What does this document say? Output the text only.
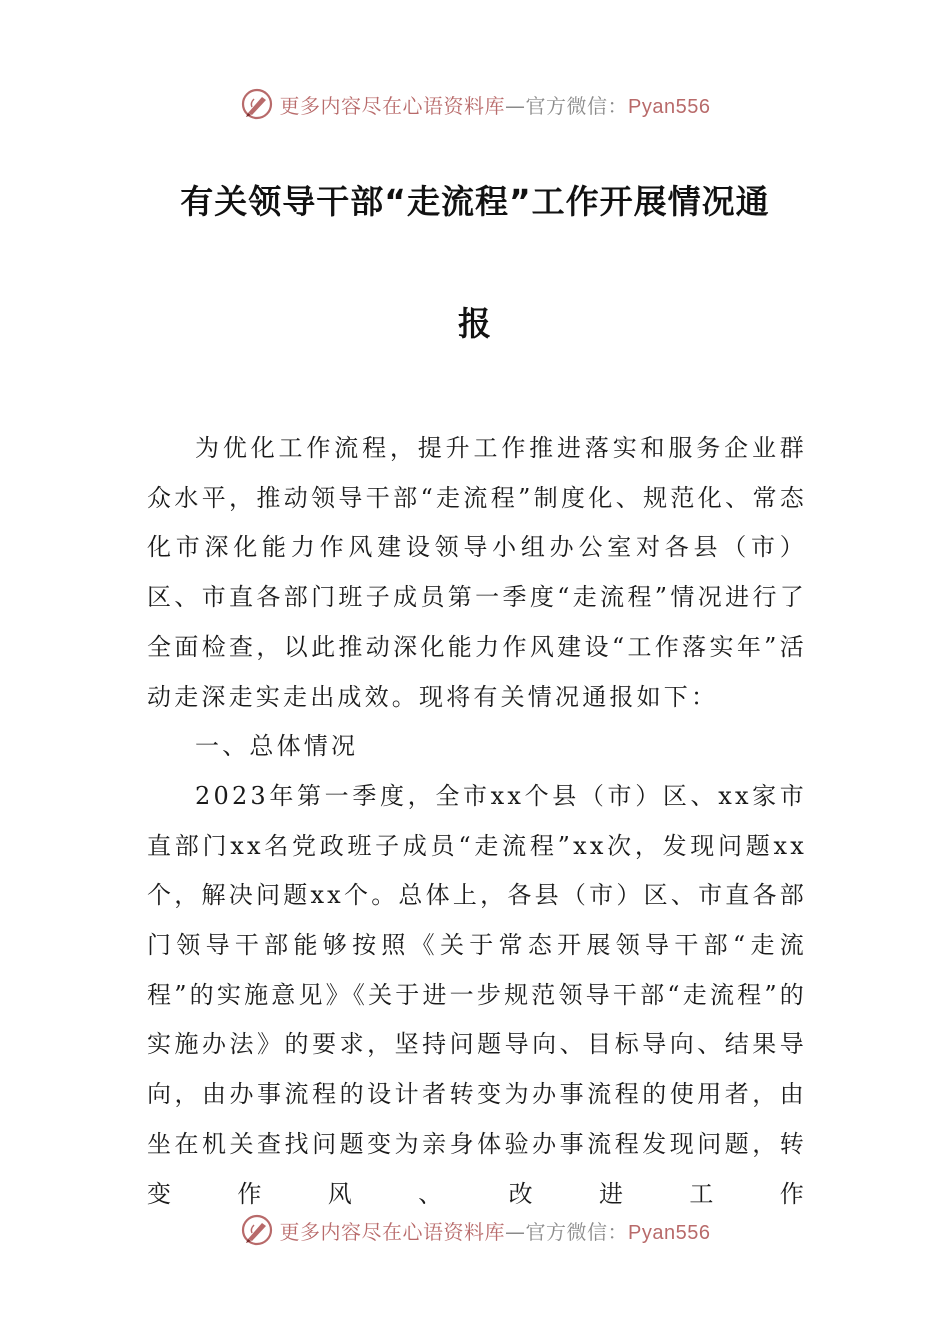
更多内容尽在心语资料库—官方微信：Pyan556
有关领导干部“走流程”工作开展情况通
报

为优化工作流程，提升工作推进落实和服务企业群众水平，推动领导干部“走流程”制度化、规范化、常态化市深化能力作风建设领导小组办公室对各县（市）区、市直各部门班子成员第一季度“走流程”情况进行了全面检查，以此推动深化能力作风建设“工作落实年”活动走深走实走出成效。现将有关情况通报如下：

一、总体情况

2023年第一季度，全市xx个县（市）区、xx家市直部门xx名党政班子成员“走流程”xx次，发现问题xx个，解决问题xx个。总体上，各县（市）区、市直各部门领导干部能够按照《关于常态开展领导干部“走流程”的实施意见》《关于进一步规范领导干部“走流程”的实施办法》的要求，坚持问题导向、目标导向、结果导向，由办事流程的设计者转变为办事流程的使用者，由坐在机关查找问题变为亲身体验办事流程发现问题，转变作风、改进工作

更多内容尽在心语资料库—官方微信：Pyan556
